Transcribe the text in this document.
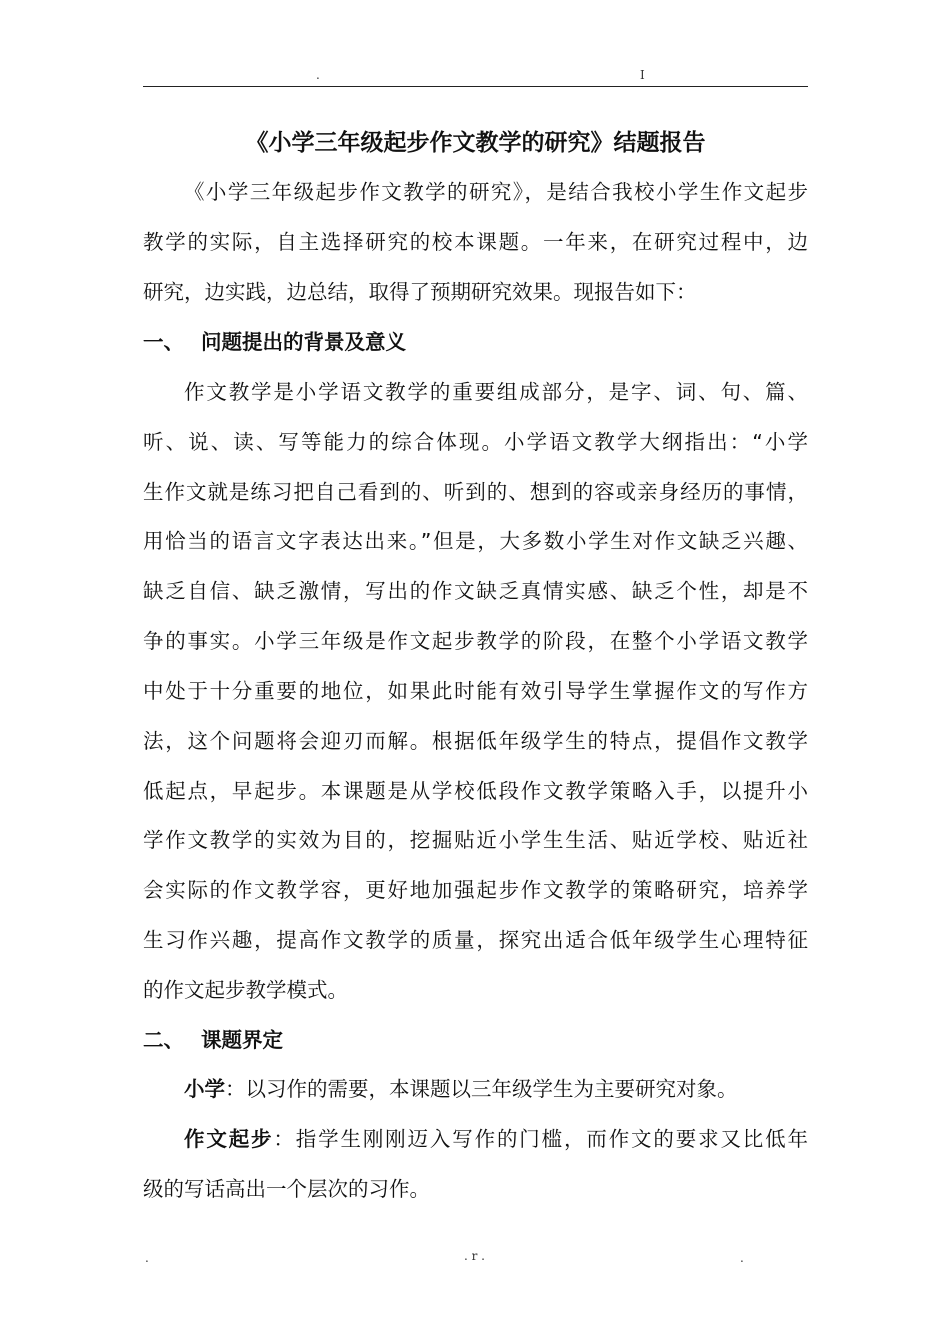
.	I
《小学三年级起步作文教学的研究》结题报告
《小学三年级起步作文教学的研究》，是结合我校小学生作文起步
教学的实际，自主选择研究的校本课题。一年来，在研究过程中，边
研究，边实践，边总结，取得了预期研究效果。现报告如下：
一、 问题提出的背景及意义
作文教学是小学语文教学的重要组成部分，是字、词、句、篇、
听、说、读、写等能力的综合体现。小学语文教学大纲指出：“小学
生作文就是练习把自己看到的、听到的、想到的容或亲身经历的事情，
用恰当的语言文字表达出来。”但是，大多数小学生对作文缺乏兴趣、
缺乏自信、缺乏激情，写出的作文缺乏真情实感、缺乏个性，却是不
争的事实。小学三年级是作文起步教学的阶段，在整个小学语文教学
中处于十分重要的地位，如果此时能有效引导学生掌握作文的写作方
法，这个问题将会迎刃而解。根据低年级学生的特点，提倡作文教学
低起点，早起步。本课题是从学校低段作文教学策略入手，以提升小
学作文教学的实效为目的，挖掘贴近小学生生活、贴近学校、贴近社
会实际的作文教学容，更好地加强起步作文教学的策略研究，培养学
生习作兴趣，提高作文教学的质量，探究出适合低年级学生心理特征
的作文起步教学模式。
二、 课题界定
小学：以习作的需要，本课题以三年级学生为主要研究对象。
作文起步：指学生刚刚迈入写作的门槛，而作文的要求又比低年
级的写话高出一个层次的习作。
.	. r .	.
